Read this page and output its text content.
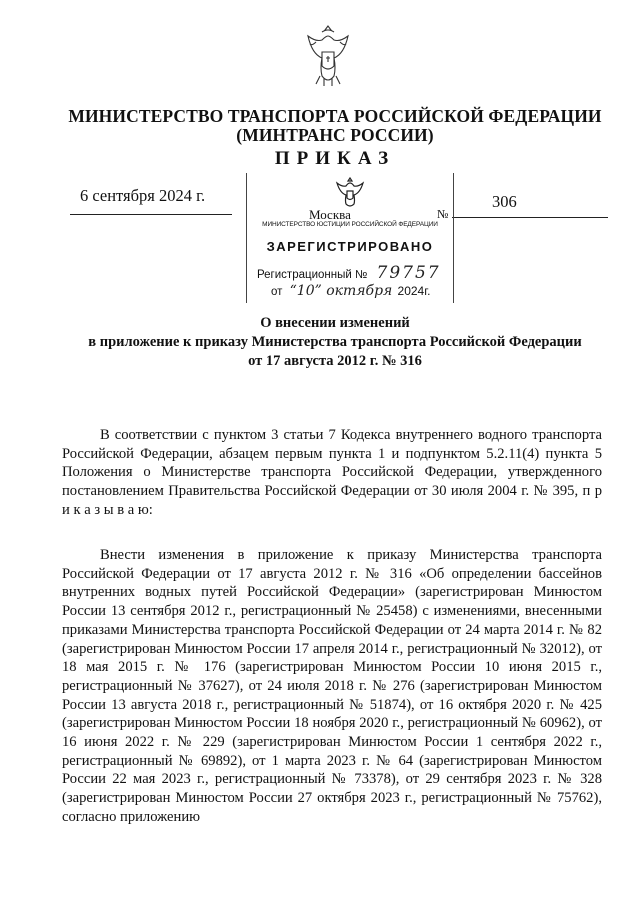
МИНИСТЕРСТВО ТРАНСПОРТА РОССИЙСКОЙ ФЕДЕРАЦИИ
(МИНТРАНС РОССИИ)
ПРИКАЗ
6 сентября 2024 г.	306
Москва	№
МИНИСТЕРСТВО ЮСТИЦИИ РОССИЙСКОЙ ФЕДЕРАЦИИ
ЗАРЕГИСТРИРОВАНО
Регистрационный № 79757
от “10” октября 2024г.
О внесении изменений
в приложение к приказу Министерства транспорта Российской Федерации
от 17 августа 2012 г. № 316
В соответствии с пунктом 3 статьи 7 Кодекса внутреннего водного транспорта Российской Федерации, абзацем первым пункта 1 и подпунктом 5.2.11(4) пункта 5 Положения о Министерстве транспорта Российской Федерации, утвержденного постановлением Правительства Российской Федерации от 30 июля 2004 г. № 395, п р и к а з ы в а ю:
Внести изменения в приложение к приказу Министерства транспорта Российской Федерации от 17 августа 2012 г. № 316 «Об определении бассейнов внутренних водных путей Российской Федерации» (зарегистрирован Минюстом России 13 сентября 2012 г., регистрационный № 25458) с изменениями, внесенными приказами Министерства транспорта Российской Федерации от 24 марта 2014 г. № 82 (зарегистрирован Минюстом России 17 апреля 2014 г., регистрационный № 32012), от 18 мая 2015 г. № 176 (зарегистрирован Минюстом России 10 июня 2015 г., регистрационный № 37627), от 24 июля 2018 г. № 276 (зарегистрирован Минюстом России 13 августа 2018 г., регистрационный № 51874), от 16 октября 2020 г. № 425 (зарегистрирован Минюстом России 18 ноября 2020 г., регистрационный № 60962), от 16 июня 2022 г. № 229 (зарегистрирован Минюстом России 1 сентября 2022 г., регистрационный № 69892), от 1 марта 2023 г. № 64 (зарегистрирован Минюстом России 22 мая 2023 г., регистрационный № 73378), от 29 сентября 2023 г. № 328 (зарегистрирован Минюстом России 27 октября 2023 г., регистрационный № 75762), согласно приложению
